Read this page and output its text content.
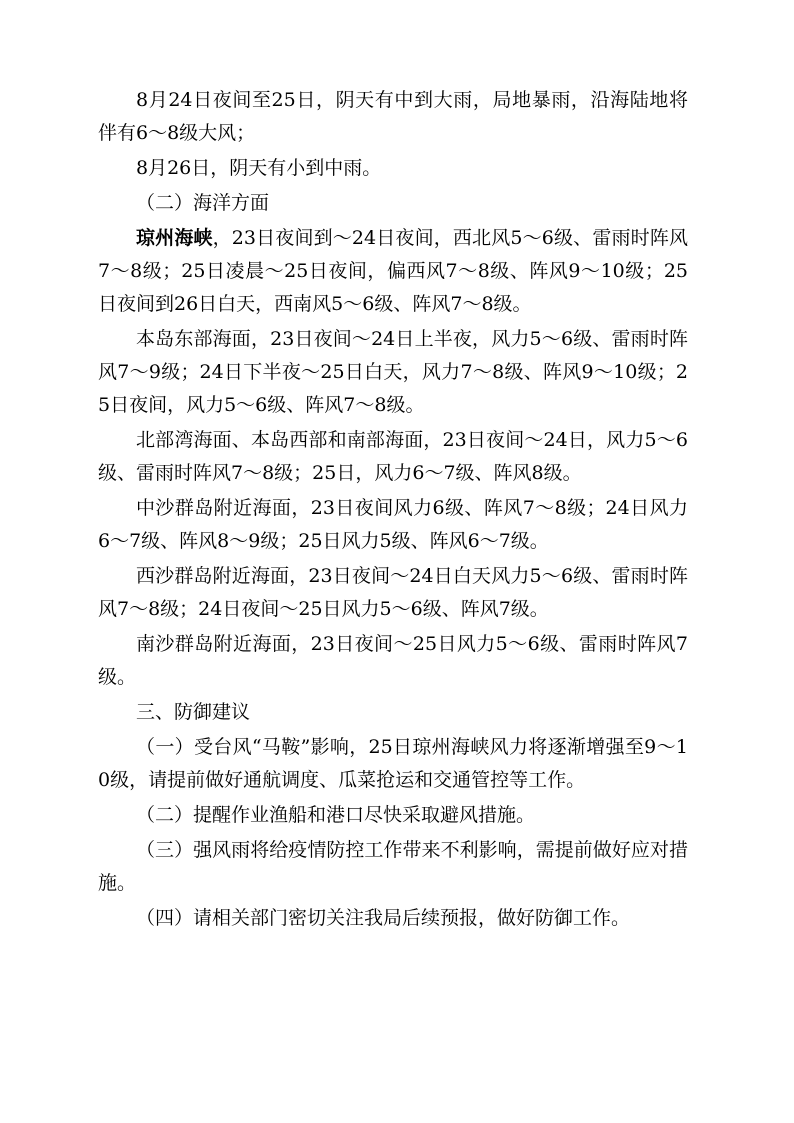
8月24日夜间至25日，阴天有中到大雨，局地暴雨，沿海陆地将伴有6～8级大风；

8月26日，阴天有小到中雨。

（二）海洋方面

琼州海峡，23日夜间到～24日夜间，西北风5～6级、雷雨时阵风7～8级；25日凌晨～25日夜间，偏西风7～8级、阵风9～10级；25日夜间到26日白天，西南风5～6级、阵风7～8级。

本岛东部海面，23日夜间～24日上半夜，风力5～6级、雷雨时阵风7～9级；24日下半夜～25日白天，风力7～8级、阵风9～10级；25日夜间，风力5～6级、阵风7～8级。

北部湾海面、本岛西部和南部海面，23日夜间～24日，风力5～6级、雷雨时阵风7～8级；25日，风力6～7级、阵风8级。

中沙群岛附近海面，23日夜间风力6级、阵风7～8级；24日风力6～7级、阵风8～9级；25日风力5级、阵风6～7级。

西沙群岛附近海面，23日夜间～24日白天风力5～6级、雷雨时阵风7～8级；24日夜间～25日风力5～6级、阵风7级。

南沙群岛附近海面，23日夜间～25日风力5～6级、雷雨时阵风7级。

三、防御建议

（一）受台风“马鞍”影响，25日琼州海峡风力将逐渐增强至9～10级，请提前做好通航调度、瓜菜抢运和交通管控等工作。

（二）提醒作业渔船和港口尽快采取避风措施。

（三）强风雨将给疫情防控工作带来不利影响，需提前做好应对措施。

（四）请相关部门密切关注我局后续预报，做好防御工作。
